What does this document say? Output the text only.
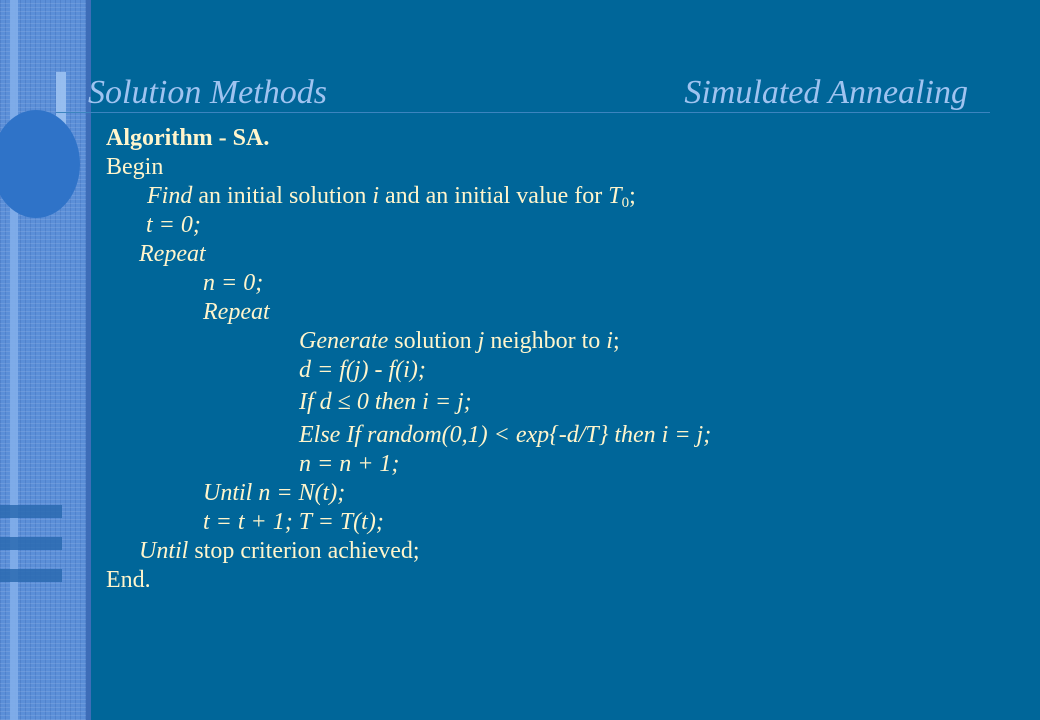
Solution Methods	Simulated Annealing
Algorithm - SA.
Begin
Find an initial solution i and an initial value for $T_0$;
t = 0;
Repeat
n = 0;
Repeat
Generate solution j neighbor to i;
d = f(j) - f(i);
If d ≤ 0 then i = j;
Else If random(0,1) < exp{-d/T} then i = j;
n = n + 1;
Until n = N(t);
t = t + 1; T = T(t);
Until stop criterion achieved;
End.
